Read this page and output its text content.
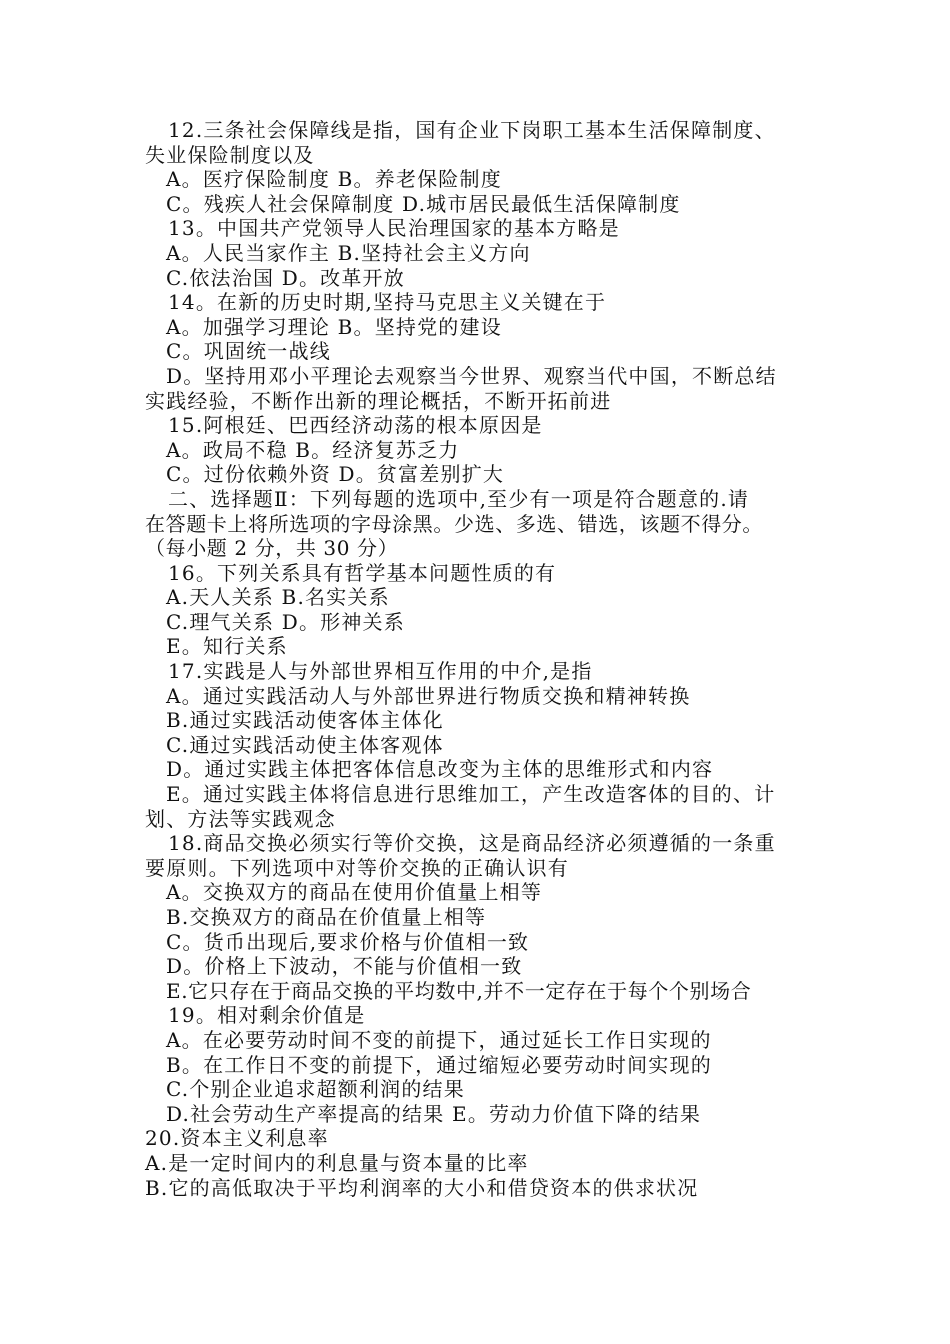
12.三条社会保障线是指，国有企业下岗职工基本生活保障制度、
失业保险制度以及
A。医疗保险制度 B。养老保险制度
C。残疾人社会保障制度 D.城市居民最低生活保障制度
13。中国共产党领导人民治理国家的基本方略是
A。人民当家作主 B.坚持社会主义方向
C.依法治国 D。改革开放
14。在新的历史时期,坚持马克思主义关键在于
A。加强学习理论 B。坚持党的建设
C。巩固统一战线
D。坚持用邓小平理论去观察当今世界、观察当代中国，不断总结
实践经验，不断作出新的理论概括，不断开拓前进
15.阿根廷、巴西经济动荡的根本原因是
A。政局不稳 B。经济复苏乏力
C。过份依赖外资 D。贫富差别扩大
二、选择题Ⅱ：下列每题的选项中,至少有一项是符合题意的.请
在答题卡上将所选项的字母涂黑。少选、多选、错选，该题不得分。
（每小题 2 分，共 30 分）
16。下列关系具有哲学基本问题性质的有
A.天人关系 B.名实关系
C.理气关系 D。形神关系
E。知行关系
17.实践是人与外部世界相互作用的中介,是指
A。通过实践活动人与外部世界进行物质交换和精神转换
B.通过实践活动使客体主体化
C.通过实践活动使主体客观体
D。通过实践主体把客体信息改变为主体的思维形式和内容
E。通过实践主体将信息进行思维加工，产生改造客体的目的、计
划、方法等实践观念
18.商品交换必须实行等价交换，这是商品经济必须遵循的一条重
要原则。下列选项中对等价交换的正确认识有
A。交换双方的商品在使用价值量上相等
B.交换双方的商品在价值量上相等
C。货币出现后,要求价格与价值相一致
D。价格上下波动，不能与价值相一致
E.它只存在于商品交换的平均数中,并不一定存在于每个个别场合
19。相对剩余价值是
A。在必要劳动时间不变的前提下，通过延长工作日实现的
B。在工作日不变的前提下，通过缩短必要劳动时间实现的
C.个别企业追求超额利润的结果
D.社会劳动生产率提高的结果 E。劳动力价值下降的结果
20.资本主义利息率
A.是一定时间内的利息量与资本量的比率
B.它的高低取决于平均利润率的大小和借贷资本的供求状况
